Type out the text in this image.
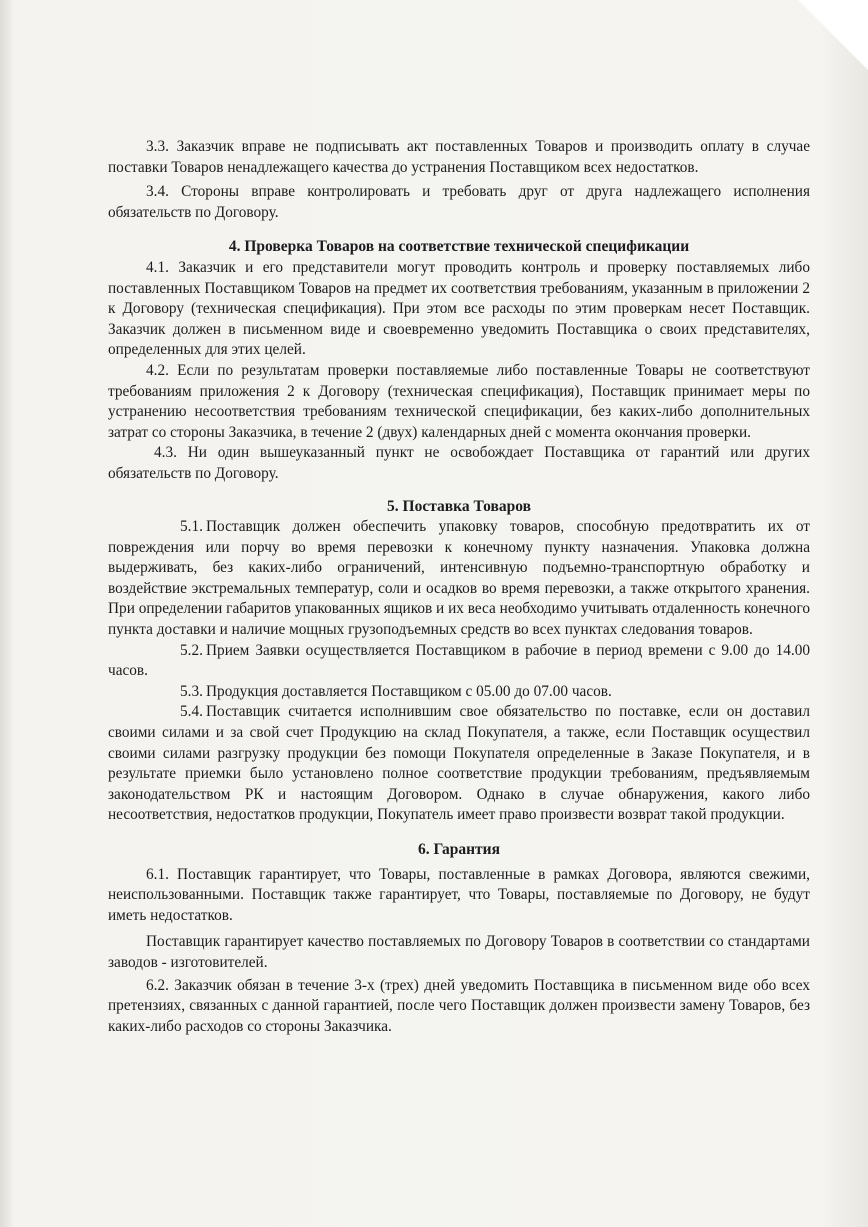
3.3. Заказчик вправе не подписывать акт поставленных Товаров и производить оплату в случае поставки Товаров ненадлежащего качества до устранения Поставщиком всех недостатков.

3.4. Стороны вправе контролировать и требовать друг от друга надлежащего исполнения обязательств по Договору.

4. Проверка Товаров на соответствие технической спецификации

4.1. Заказчик и его представители могут проводить контроль и проверку поставляемых либо поставленных Поставщиком Товаров на предмет их соответствия требованиям, указанным в приложении 2 к Договору (техническая спецификация). При этом все расходы по этим проверкам несет Поставщик. Заказчик должен в письменном виде и своевременно уведомить Поставщика о своих представителях, определенных для этих целей.

4.2. Если по результатам проверки поставляемые либо поставленные Товары не соответствуют требованиям приложения 2 к Договору (техническая спецификация), Поставщик принимает меры по устранению несоответствия требованиям технической спецификации, без каких-либо дополнительных затрат со стороны Заказчика, в течение 2 (двух) календарных дней с момента окончания проверки.

4.3. Ни один вышеуказанный пункт не освобождает Поставщика от гарантий или других обязательств по Договору.

5. Поставка Товаров

5.1. Поставщик должен обеспечить упаковку товаров, способную предотвратить их от повреждения или порчу во время перевозки к конечному пункту назначения. Упаковка должна выдерживать, без каких-либо ограничений, интенсивную подъемно-транспортную обработку и воздействие экстремальных температур, соли и осадков во время перевозки, а также открытого хранения. При определении габаритов упакованных ящиков и их веса необходимо учитывать отдаленность конечного пункта доставки и наличие мощных грузоподъемных средств во всех пунктах следования товаров.

5.2. Прием Заявки осуществляется Поставщиком в рабочие в период времени с 9.00 до 14.00 часов.

5.3. Продукция доставляется Поставщиком с 05.00 до 07.00 часов.

5.4. Поставщик считается исполнившим свое обязательство по поставке, если он доставил своими силами и за свой счет Продукцию на склад Покупателя, а также, если Поставщик осуществил своими силами разгрузку продукции без помощи Покупателя определенные в Заказе Покупателя, и в результате приемки было установлено полное соответствие продукции требованиям, предъявляемым законодательством РК и настоящим Договором. Однако в случае обнаружения, какого либо несоответствия, недостатков продукции, Покупатель имеет право произвести возврат такой продукции.

6. Гарантия

6.1. Поставщик гарантирует, что Товары, поставленные в рамках Договора, являются свежими, неиспользованными. Поставщик также гарантирует, что Товары, поставляемые по Договору, не будут иметь недостатков.

Поставщик гарантирует качество поставляемых по Договору Товаров в соответствии со стандартами заводов - изготовителей.

6.2. Заказчик обязан в течение 3-х (трех) дней уведомить Поставщика в письменном виде обо всех претензиях, связанных с данной гарантией, после чего Поставщик должен произвести замену Товаров, без каких-либо расходов со стороны Заказчика.
